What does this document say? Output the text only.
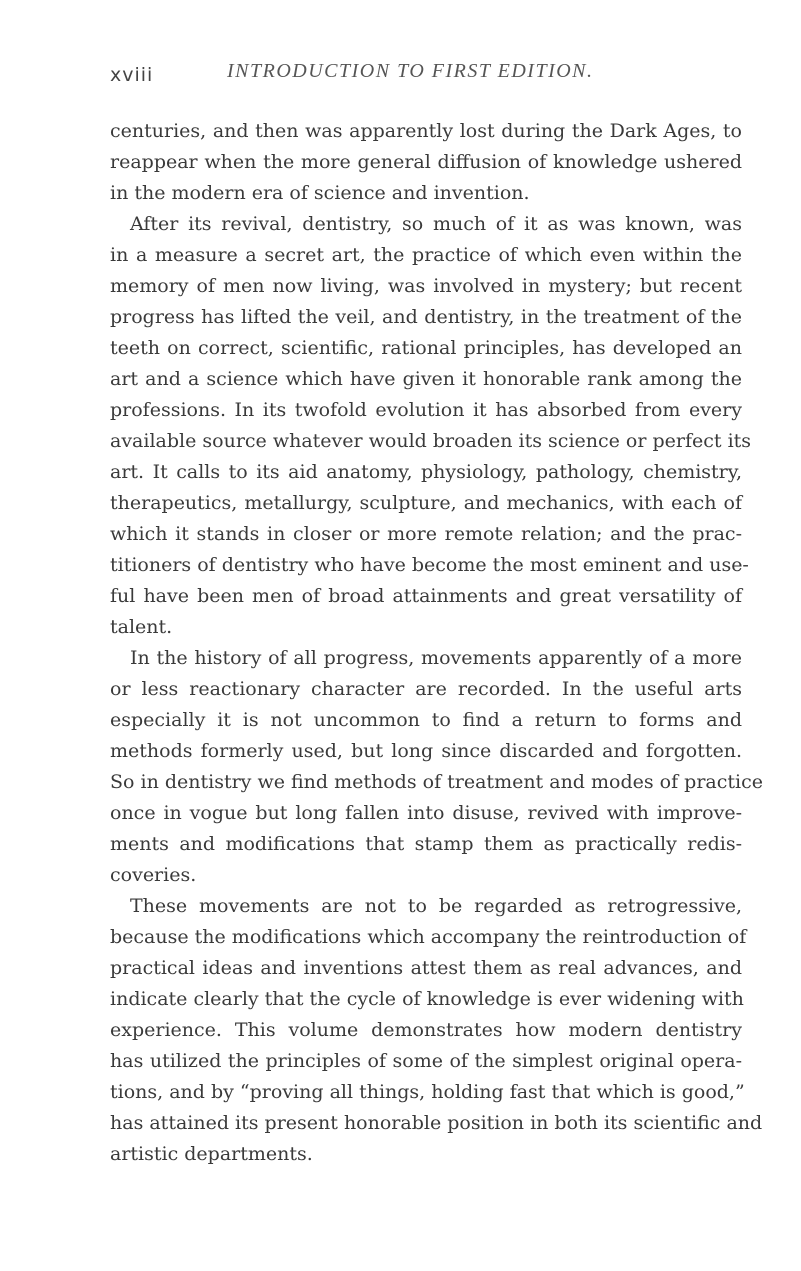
xviii	INTRODUCTION TO FIRST EDITION.
centuries, and then was apparently lost during the Dark Ages, to
reappear when the more general diffusion of knowledge ushered
in the modern era of science and invention.
After its revival, dentistry, so much of it as was known, was
in a measure a secret art, the practice of which even within the
memory of men now living, was involved in mystery; but recent
progress has lifted the veil, and dentistry, in the treatment of the
teeth on correct, scientific, rational principles, has developed an
art and a science which have given it honorable rank among the
professions. In its twofold evolution it has absorbed from every
available source whatever would broaden its science or perfect its
art. It calls to its aid anatomy, physiology, pathology, chemistry,
therapeutics, metallurgy, sculpture, and mechanics, with each of
which it stands in closer or more remote relation; and the prac-
titioners of dentistry who have become the most eminent and use-
ful have been men of broad attainments and great versatility of
talent.
In the history of all progress, movements apparently of a more
or less reactionary character are recorded. In the useful arts
especially it is not uncommon to find a return to forms and
methods formerly used, but long since discarded and forgotten.
So in dentistry we find methods of treatment and modes of practice
once in vogue but long fallen into disuse, revived with improve-
ments and modifications that stamp them as practically redis-
coveries.
These movements are not to be regarded as retrogressive,
because the modifications which accompany the reintroduction of
practical ideas and inventions attest them as real advances, and
indicate clearly that the cycle of knowledge is ever widening with
experience. This volume demonstrates how modern dentistry
has utilized the principles of some of the simplest original opera-
tions, and by “proving all things, holding fast that which is good,”
has attained its present honorable position in both its scientific and
artistic departments.
